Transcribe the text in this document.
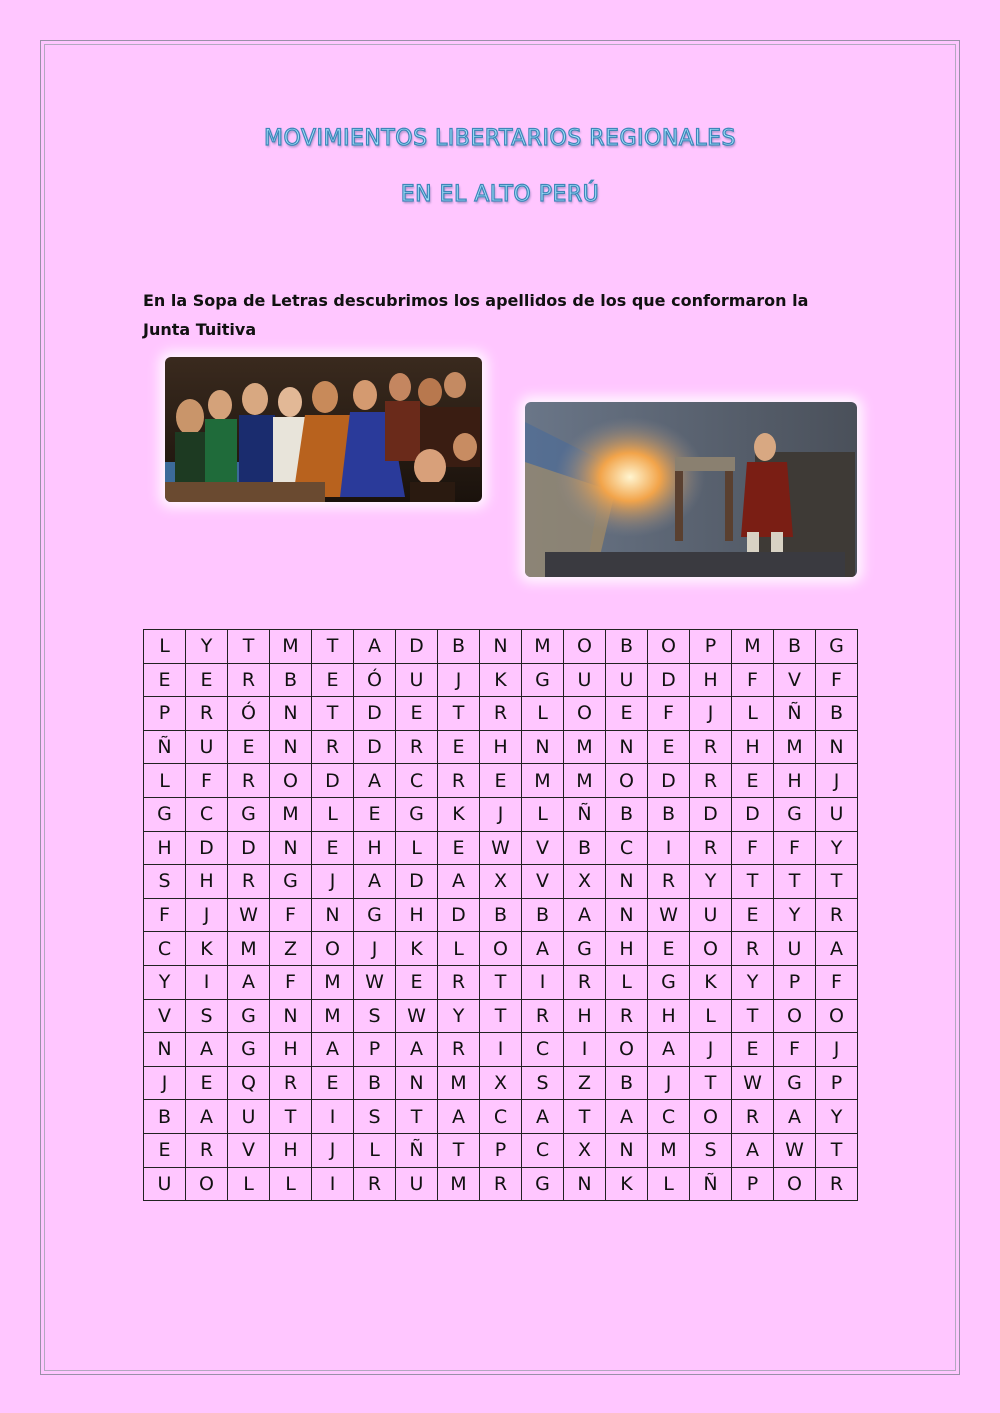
MOVIMIENTOS LIBERTARIOS REGIONALES
EN EL ALTO PERÚ
En la Sopa de Letras descubrimos los apellidos de los que conformaron la
Junta Tuitiva
L	Y	T	M	T	A	D	B	N	M	O	B	O	P	M	B	G
E	E	R	B	E	Ó	U	J	K	G	U	U	D	H	F	V	F
P	R	Ó	N	T	D	E	T	R	L	O	E	F	J	L	Ñ	B
Ñ	U	E	N	R	D	R	E	H	N	M	N	E	R	H	M	N
L	F	R	O	D	A	C	R	E	M	M	O	D	R	E	H	J
G	C	G	M	L	E	G	K	J	L	Ñ	B	B	D	D	G	U
H	D	D	N	E	H	L	E	W	V	B	C	I	R	F	F	Y
S	H	R	G	J	A	D	A	X	V	X	N	R	Y	T	T	T
F	J	W	F	N	G	H	D	B	B	A	N	W	U	E	Y	R
C	K	M	Z	O	J	K	L	O	A	G	H	E	O	R	U	A
Y	I	A	F	M	W	E	R	T	I	R	L	G	K	Y	P	F
V	S	G	N	M	S	W	Y	T	R	H	R	H	L	T	O	O
N	A	G	H	A	P	A	R	I	C	I	O	A	J	E	F	J
J	E	Q	R	E	B	N	M	X	S	Z	B	J	T	W	G	P
B	A	U	T	I	S	T	A	C	A	T	A	C	O	R	A	Y
E	R	V	H	J	L	Ñ	T	P	C	X	N	M	S	A	W	T
U	O	L	L	I	R	U	M	R	G	N	K	L	Ñ	P	O	R
